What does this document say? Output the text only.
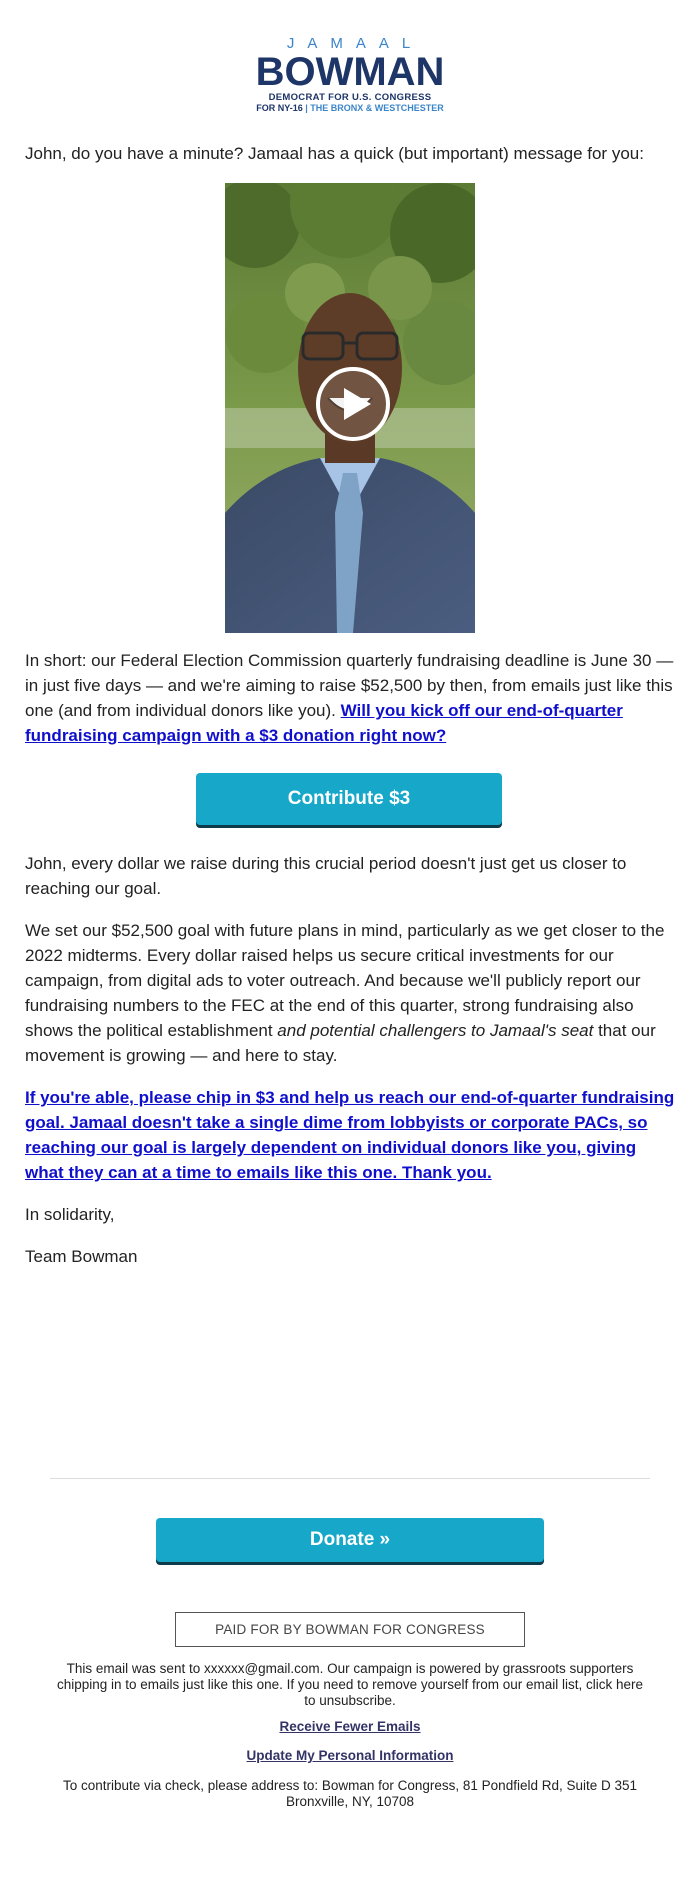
JAMAAL
BOWMAN
DEMOCRAT FOR U.S. CONGRESS
FOR NY-16 | THE BRONX & WESTCHESTER

John, do you have a minute? Jamaal has a quick (but important) message for you:

In short: our Federal Election Commission quarterly fundraising deadline is June 30 — in just five days — and we're aiming to raise $52,500 by then, from emails just like this one (and from individual donors like you). Will you kick off our end-of-quarter fundraising campaign with a $3 donation right now?

Contribute $3

John, every dollar we raise during this crucial period doesn't just get us closer to reaching our goal.

We set our $52,500 goal with future plans in mind, particularly as we get closer to the 2022 midterms. Every dollar raised helps us secure critical investments for our campaign, from digital ads to voter outreach. And because we'll publicly report our fundraising numbers to the FEC at the end of this quarter, strong fundraising also shows the political establishment and potential challengers to Jamaal's seat that our movement is growing — and here to stay.

If you're able, please chip in $3 and help us reach our end-of-quarter fundraising goal. Jamaal doesn't take a single dime from lobbyists or corporate PACs, so reaching our goal is largely dependent on individual donors like you, giving what they can at a time to emails like this one. Thank you.

In solidarity,

Team Bowman

Donate »
PAID FOR BY BOWMAN FOR CONGRESS
This email was sent to xxxxxx@gmail.com. Our campaign is powered by grassroots supporters chipping in to emails just like this one. If you need to remove yourself from our email list, click here to unsubscribe.
Receive Fewer Emails
Update My Personal Information
To contribute via check, please address to: Bowman for Congress, 81 Pondfield Rd, Suite D 351
Bronxville, NY, 10708
